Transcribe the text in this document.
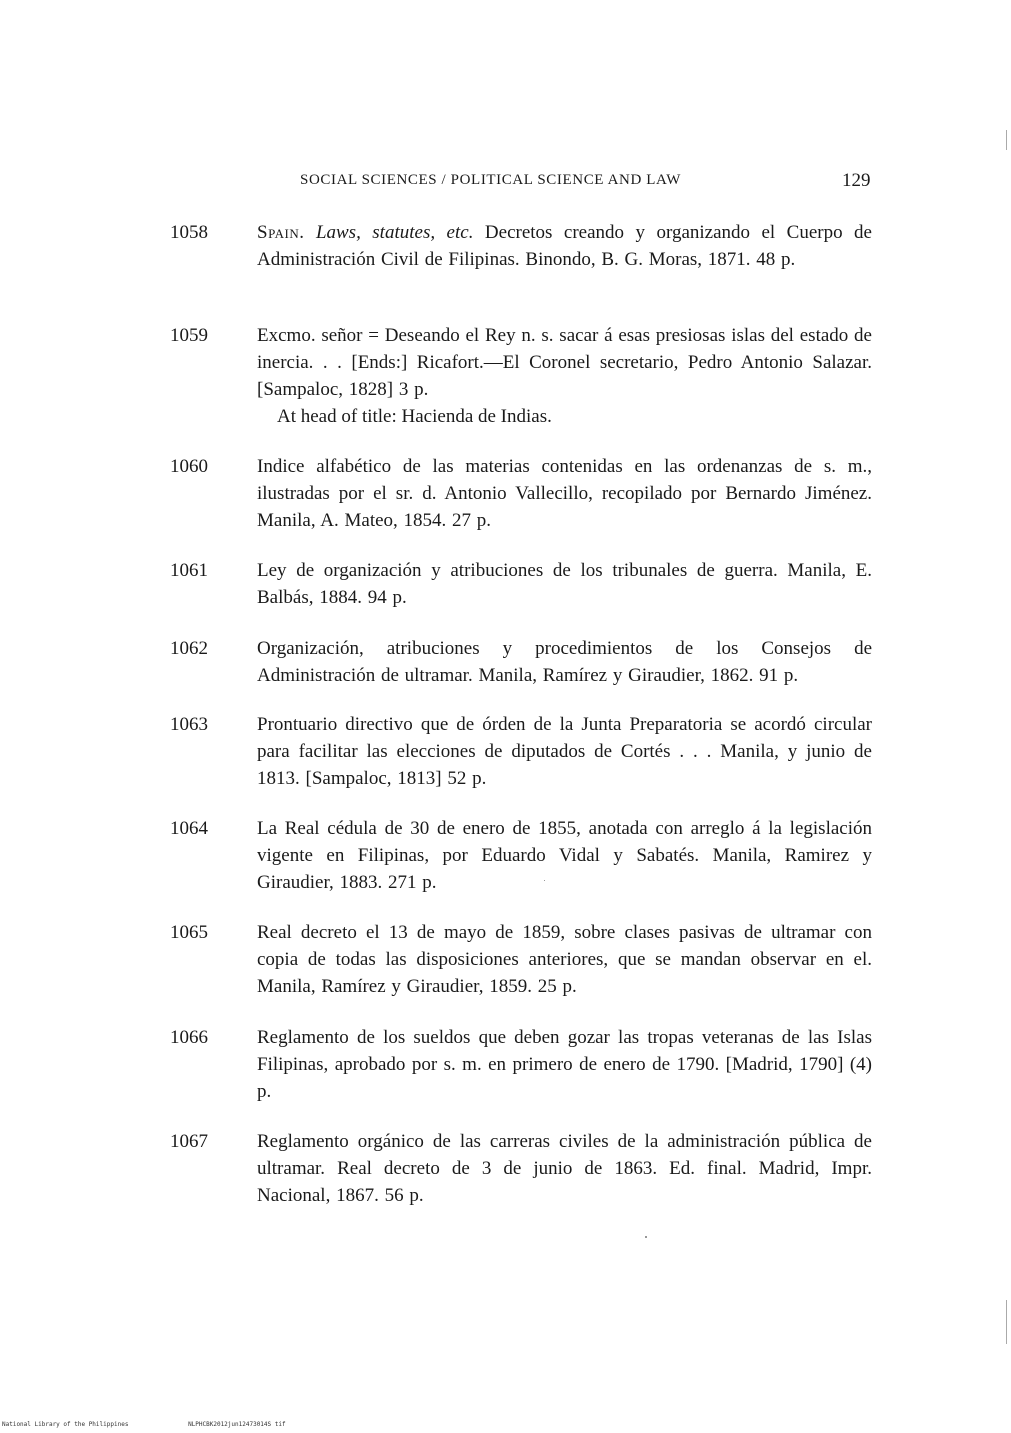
SOCIAL SCIENCES / POLITICAL SCIENCE AND LAW	129
1058	Spain. Laws, statutes, etc. Decretos creando y organizando el Cuerpo de Administración Civil de Filipinas. Binondo, B. G. Moras, 1871. 48 p.
1059	Excmo. señor = Deseando el Rey n. s. sacar á esas presiosas islas del estado de inercia. . . [Ends:] Ricafort.—El Coronel secretario, Pedro Antonio Salazar. [Sampaloc, 1828] 3 p.
At head of title: Hacienda de Indias.
1060	Indice alfabético de las materias contenidas en las ordenanzas de s. m., ilustradas por el sr. d. Antonio Vallecillo, recopilado por Bernardo Jiménez. Manila, A. Mateo, 1854. 27 p.
1061	Ley de organización y atribuciones de los tribunales de guerra. Manila, E. Balbás, 1884. 94 p.
1062	Organización, atribuciones y procedimientos de los Consejos de Administración de ultramar. Manila, Ramírez y Giraudier, 1862. 91 p.
1063	Prontuario directivo que de órden de la Junta Preparatoria se acordó circular para facilitar las elecciones de diputados de Cortés . . . Manila, y junio de 1813. [Sampaloc, 1813] 52 p.
1064	La Real cédula de 30 de enero de 1855, anotada con arreglo á la legislación vigente en Filipinas, por Eduardo Vidal y Sabatés. Manila, Ramirez y Giraudier, 1883. 271 p.
1065	Real decreto el 13 de mayo de 1859, sobre clases pasivas de ultramar con copia de todas las disposiciones anteriores, que se mandan observar en el. Manila, Ramírez y Giraudier, 1859. 25 p.
1066	Reglamento de los sueldos que deben gozar las tropas veteranas de las Islas Filipinas, aprobado por s. m. en primero de enero de 1790. [Madrid, 1790] (4) p.
1067	Reglamento orgánico de las carreras civiles de la administración pública de ultramar. Real decreto de 3 de junio de 1863. Ed. final. Madrid, Impr. Nacional, 1867. 56 p.
National Library of the Philippines	NLPHCBK2012jun12473014S tif
